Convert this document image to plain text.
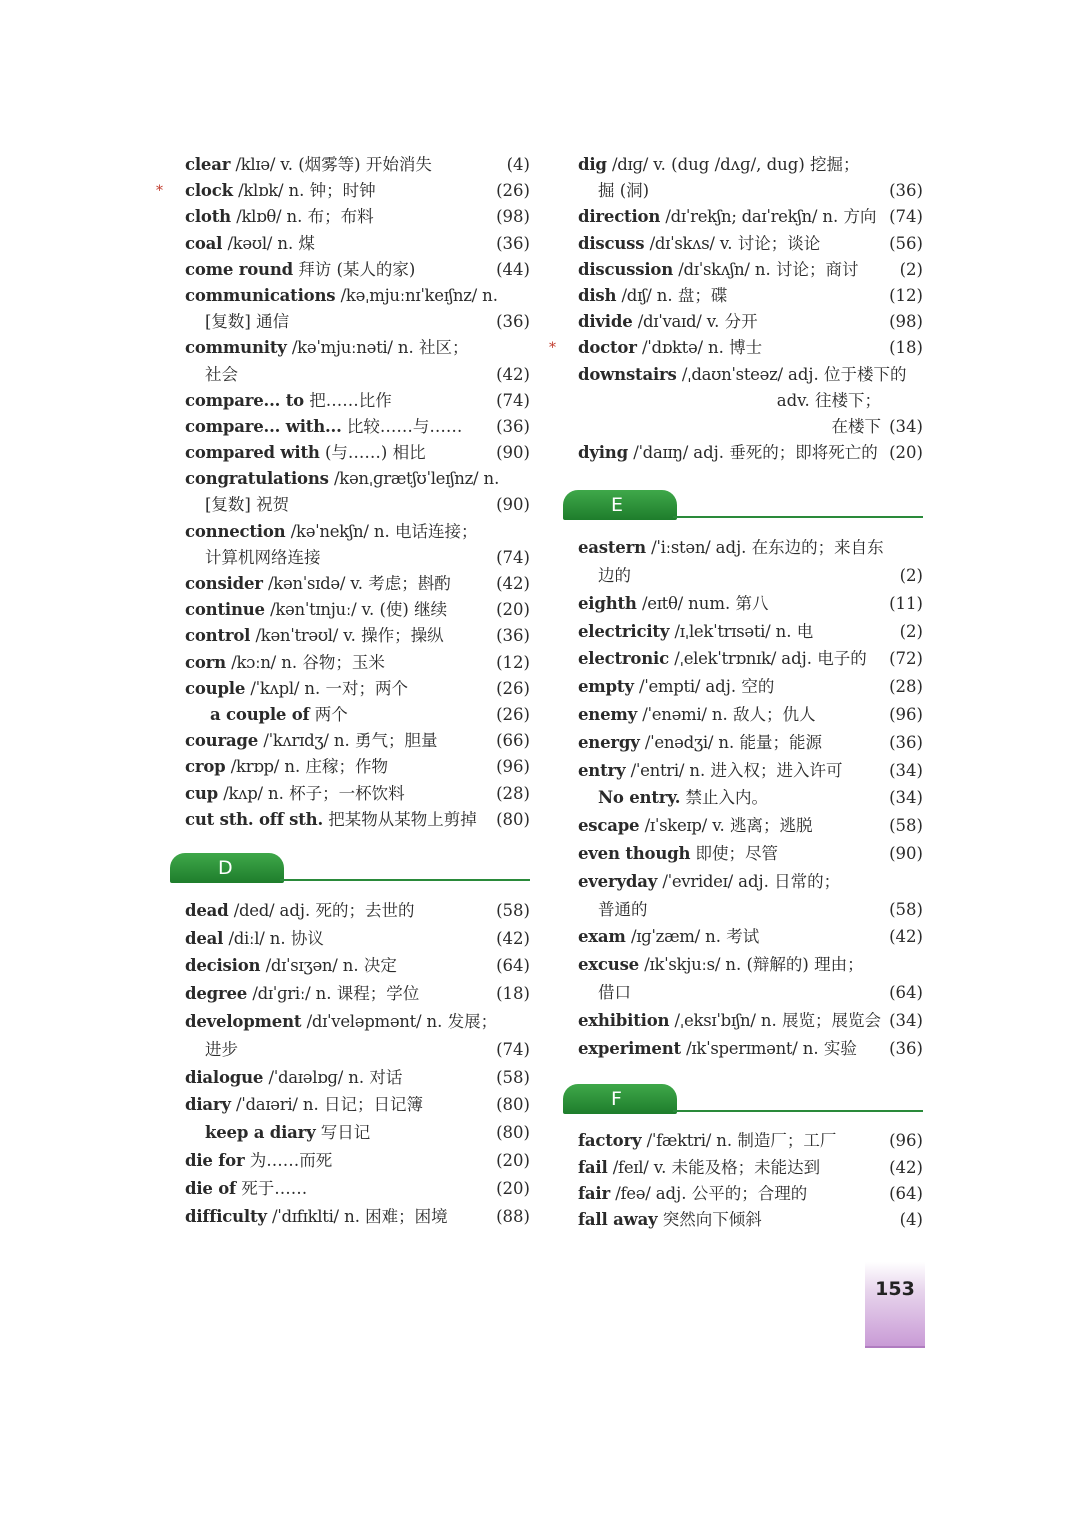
clear /klɪə/ v. (烟雾等) 开始消失	(4)
* clock /klɒk/ n. 钟；时钟	(26)
cloth /klɒθ/ n. 布；布料	(98)
coal /kəʊl/ n. 煤	(36)
come round 拜访 (某人的家)	(44)
communications /kəˌmjuːnɪˈkeɪʃnz/ n.
[复数] 通信	(36)
community /kəˈmjuːnəti/ n. 社区；
社会	(42)
compare... to 把……比作	(74)
compare... with... 比较……与……	(36)
compared with (与……) 相比	(90)
congratulations /kənˌɡrætʃʊˈleɪʃnz/ n.
[复数] 祝贺	(90)
connection /kəˈnekʃn/ n. 电话连接；
计算机网络连接	(74)
consider /kənˈsɪdə/ v. 考虑；斟酌	(42)
continue /kənˈtɪnjuː/ v. (使) 继续	(20)
control /kənˈtrəʊl/ v. 操作；操纵	(36)
corn /kɔːn/ n. 谷物；玉米	(12)
couple /ˈkʌpl/ n. 一对；两个	(26)
a couple of 两个	(26)
courage /ˈkʌrɪdʒ/ n. 勇气；胆量	(66)
crop /krɒp/ n. 庄稼；作物	(96)
cup /kʌp/ n. 杯子；一杯饮料	(28)
cut sth. off sth. 把某物从某物上剪掉	(80)
D
dead /ded/ adj. 死的；去世的	(58)
deal /diːl/ n. 协议	(42)
decision /dɪˈsɪʒən/ n. 决定	(64)
degree /dɪˈɡriː/ n. 课程；学位	(18)
development /dɪˈveləpmənt/ n. 发展；
进步	(74)
dialogue /ˈdaɪəlɒɡ/ n. 对话	(58)
diary /ˈdaɪəri/ n. 日记；日记簿	(80)
keep a diary 写日记	(80)
die for 为……而死	(20)
die of 死于……	(20)
difficulty /ˈdɪfɪklti/ n. 困难；困境	(88)
dig /dɪɡ/ v. (dug /dʌɡ/, dug) 挖掘；
掘 (洞)	(36)
direction /dɪˈrekʃn; daɪˈrekʃn/ n. 方向 (74)
discuss /dɪˈskʌs/ v. 讨论；谈论	(56)
discussion /dɪˈskʌʃn/ n. 讨论；商讨	(2)
dish /dɪʃ/ n. 盘；碟	(12)
divide /dɪˈvaɪd/ v. 分开	(98)
* doctor /ˈdɒktə/ n. 博士	(18)
downstairs /ˌdaʊnˈsteəz/ adj. 位于楼下的
adv. 往楼下；
在楼下 (34)
dying /ˈdaɪɪŋ/ adj. 垂死的；即将死亡的 (20)
E
eastern /ˈiːstən/ adj. 在东边的；来自东
边的	(2)
eighth /eɪtθ/ num. 第八	(11)
electricity /ɪˌlekˈtrɪsəti/ n. 电	(2)
electronic /ˌelekˈtrɒnɪk/ adj. 电子的	(72)
empty /ˈempti/ adj. 空的	(28)
enemy /ˈenəmi/ n. 敌人；仇人	(96)
energy /ˈenədʒi/ n. 能量；能源	(36)
entry /ˈentri/ n. 进入权；进入许可	(34)
No entry. 禁止入内。	(34)
escape /ɪˈskeɪp/ v. 逃离；逃脱	(58)
even though 即使；尽管	(90)
everyday /ˈevrideɪ/ adj. 日常的；
普通的	(58)
exam /ɪɡˈzæm/ n. 考试	(42)
excuse /ɪkˈskjuːs/ n. (辩解的) 理由；
借口	(64)
exhibition /ˌeksɪˈbɪʃn/ n. 展览；展览会 (34)
experiment /ɪkˈsperɪmənt/ n. 实验	(36)
F
factory /ˈfæktri/ n. 制造厂；工厂	(96)
fail /feɪl/ v. 未能及格；未能达到	(42)
fair /feə/ adj. 公平的；合理的	(64)
fall away 突然向下倾斜	(4)
153
